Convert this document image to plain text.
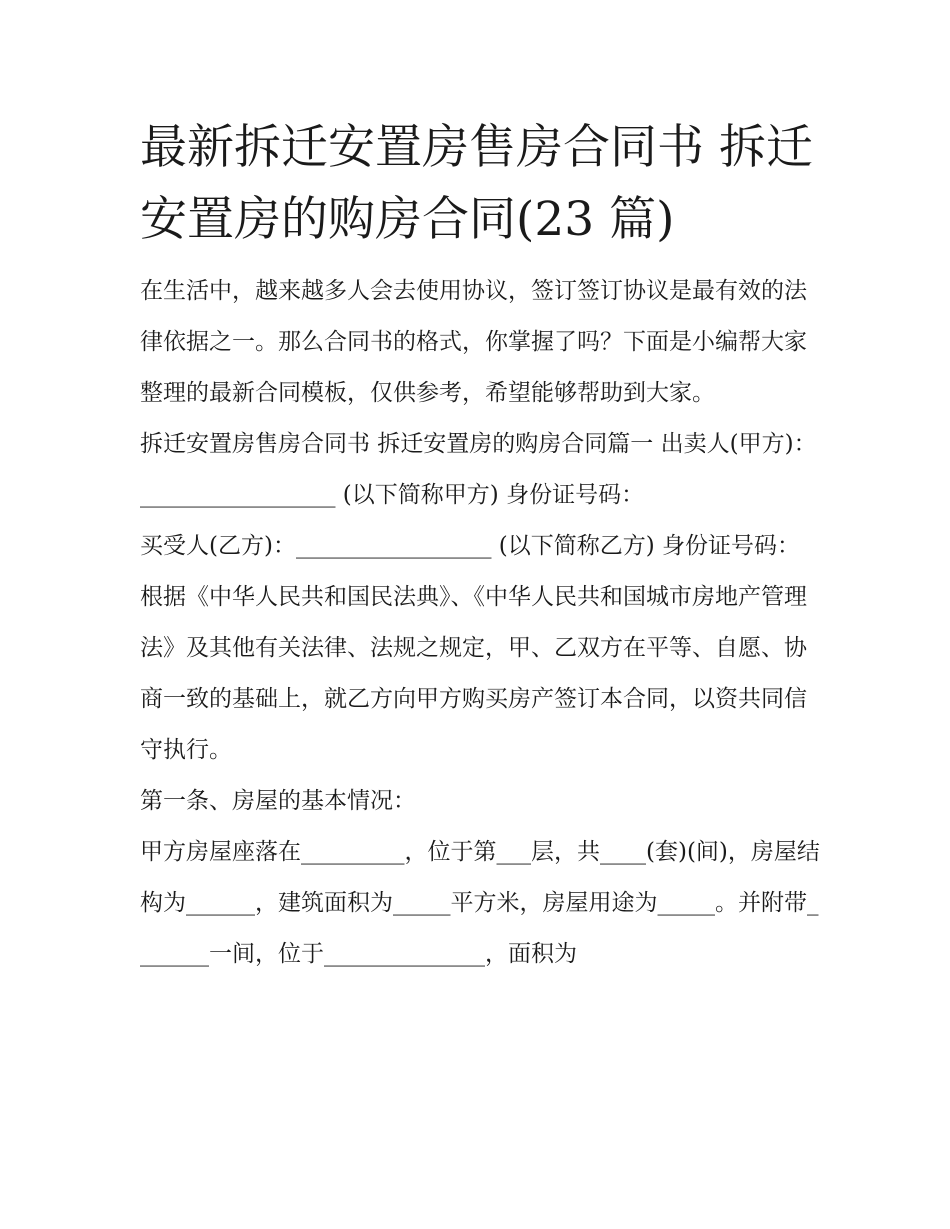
最新拆迁安置房售房合同书 拆迁安置房的购房合同(23 篇)

在生活中，越来越多人会去使用协议，签订签订协议是最有效的法律依据之一。那么合同书的格式，你掌握了吗？下面是小编帮大家整理的最新合同模板，仅供参考，希望能够帮助到大家。

拆迁安置房售房合同书 拆迁安置房的购房合同篇一 出卖人(甲方)：_________________ (以下简称甲方) 身份证号码：

买受人(乙方)：_________________ (以下简称乙方) 身份证号码：

根据《中华人民共和国民法典》、《中华人民共和国城市房地产管理法》及其他有关法律、法规之规定，甲、乙双方在平等、自愿、协商一致的基础上，就乙方向甲方购买房产签订本合同，以资共同信守执行。

第一条、房屋的基本情况：

甲方房屋座落在_________，位于第___层，共____(套)(间)，房屋结构为______，建筑面积为_____平方米，房屋用途为_____。并附带_______一间，位于______________，面积为
